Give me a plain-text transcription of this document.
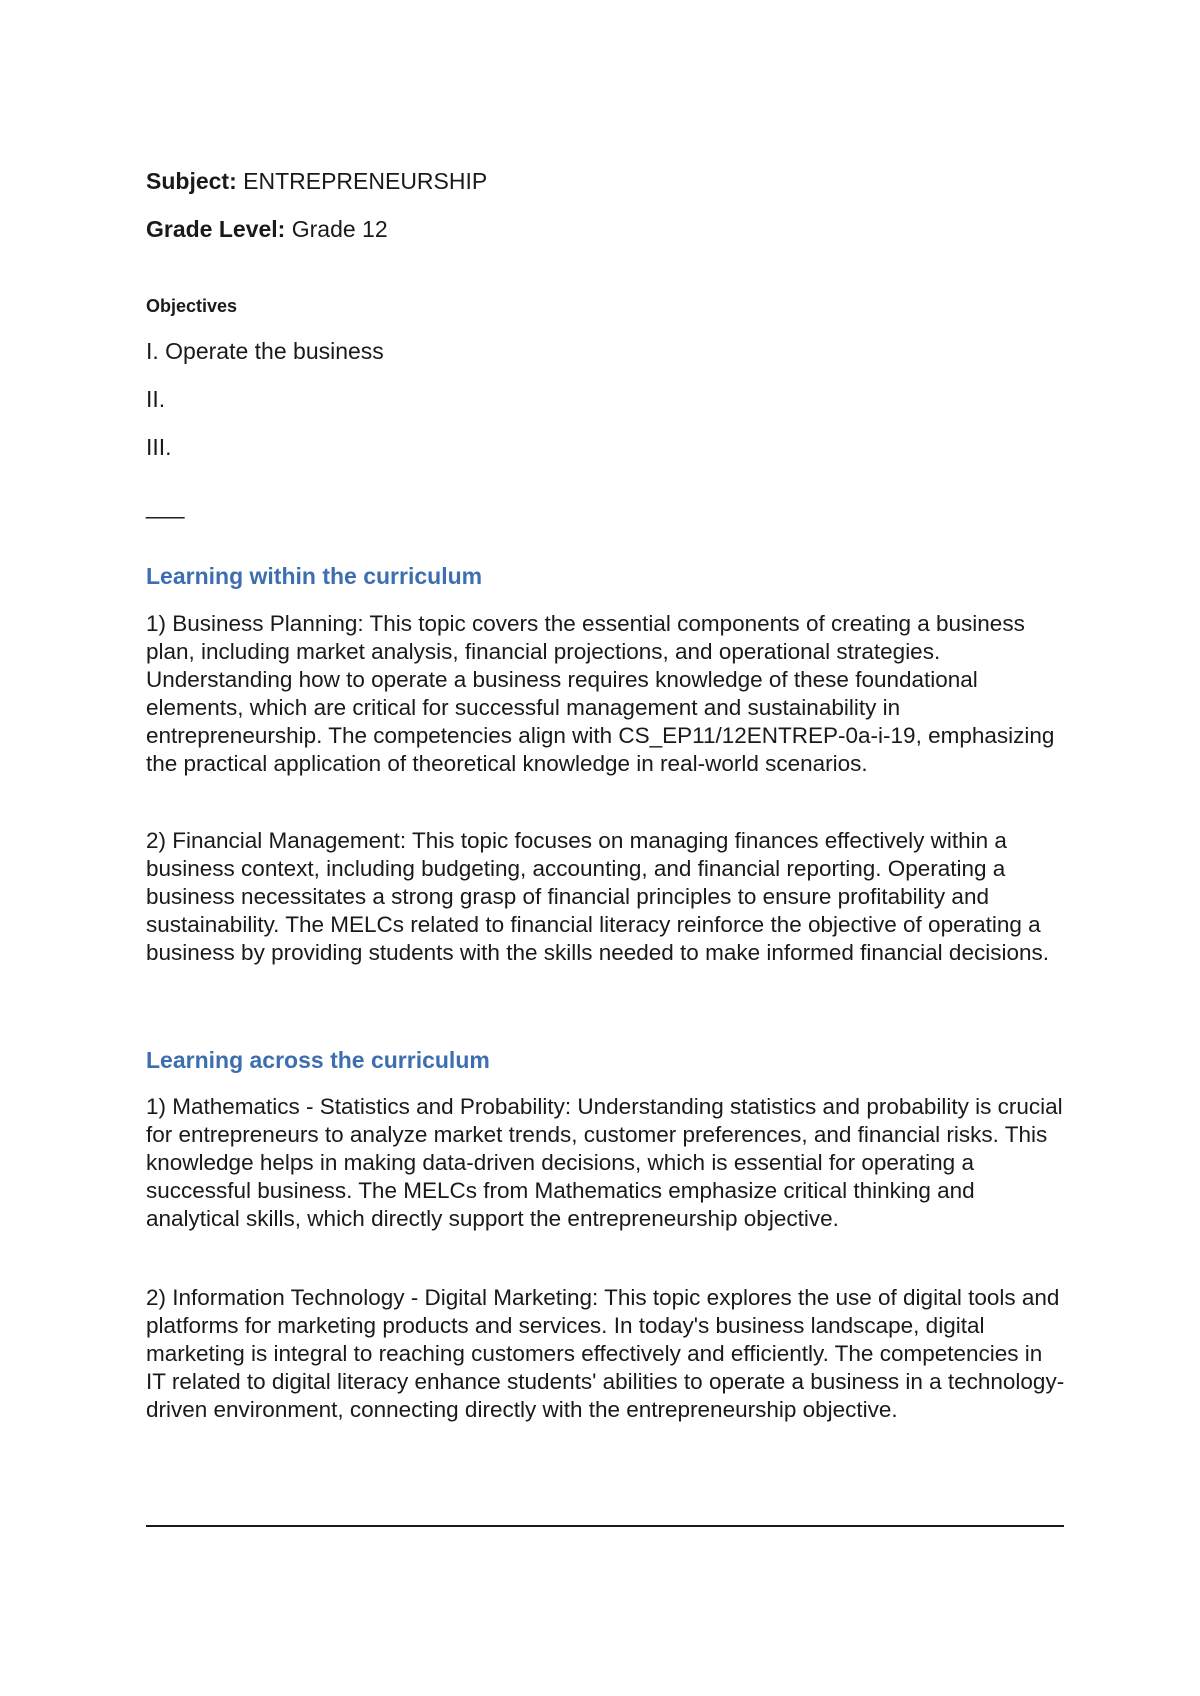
Subject: ENTREPRENEURSHIP
Grade Level: Grade 12
Objectives
I. Operate the business
II.
III.
___
Learning within the curriculum

1) Business Planning: This topic covers the essential components of creating a business plan, including market analysis, financial projections, and operational strategies. Understanding how to operate a business requires knowledge of these foundational elements, which are critical for successful management and sustainability in entrepreneurship. The competencies align with CS_EP11/12ENTREP-0a-i-19, emphasizing the practical application of theoretical knowledge in real-world scenarios.

2) Financial Management: This topic focuses on managing finances effectively within a business context, including budgeting, accounting, and financial reporting. Operating a business necessitates a strong grasp of financial principles to ensure profitability and sustainability. The MELCs related to financial literacy reinforce the objective of operating a business by providing students with the skills needed to make informed financial decisions.

Learning across the curriculum

1) Mathematics - Statistics and Probability: Understanding statistics and probability is crucial for entrepreneurs to analyze market trends, customer preferences, and financial risks. This knowledge helps in making data-driven decisions, which is essential for operating a successful business. The MELCs from Mathematics emphasize critical thinking and analytical skills, which directly support the entrepreneurship objective.

2) Information Technology - Digital Marketing: This topic explores the use of digital tools and platforms for marketing products and services. In today's business landscape, digital marketing is integral to reaching customers effectively and efficiently. The competencies in IT related to digital literacy enhance students' abilities to operate a business in a technology-driven environment, connecting directly with the entrepreneurship objective.
